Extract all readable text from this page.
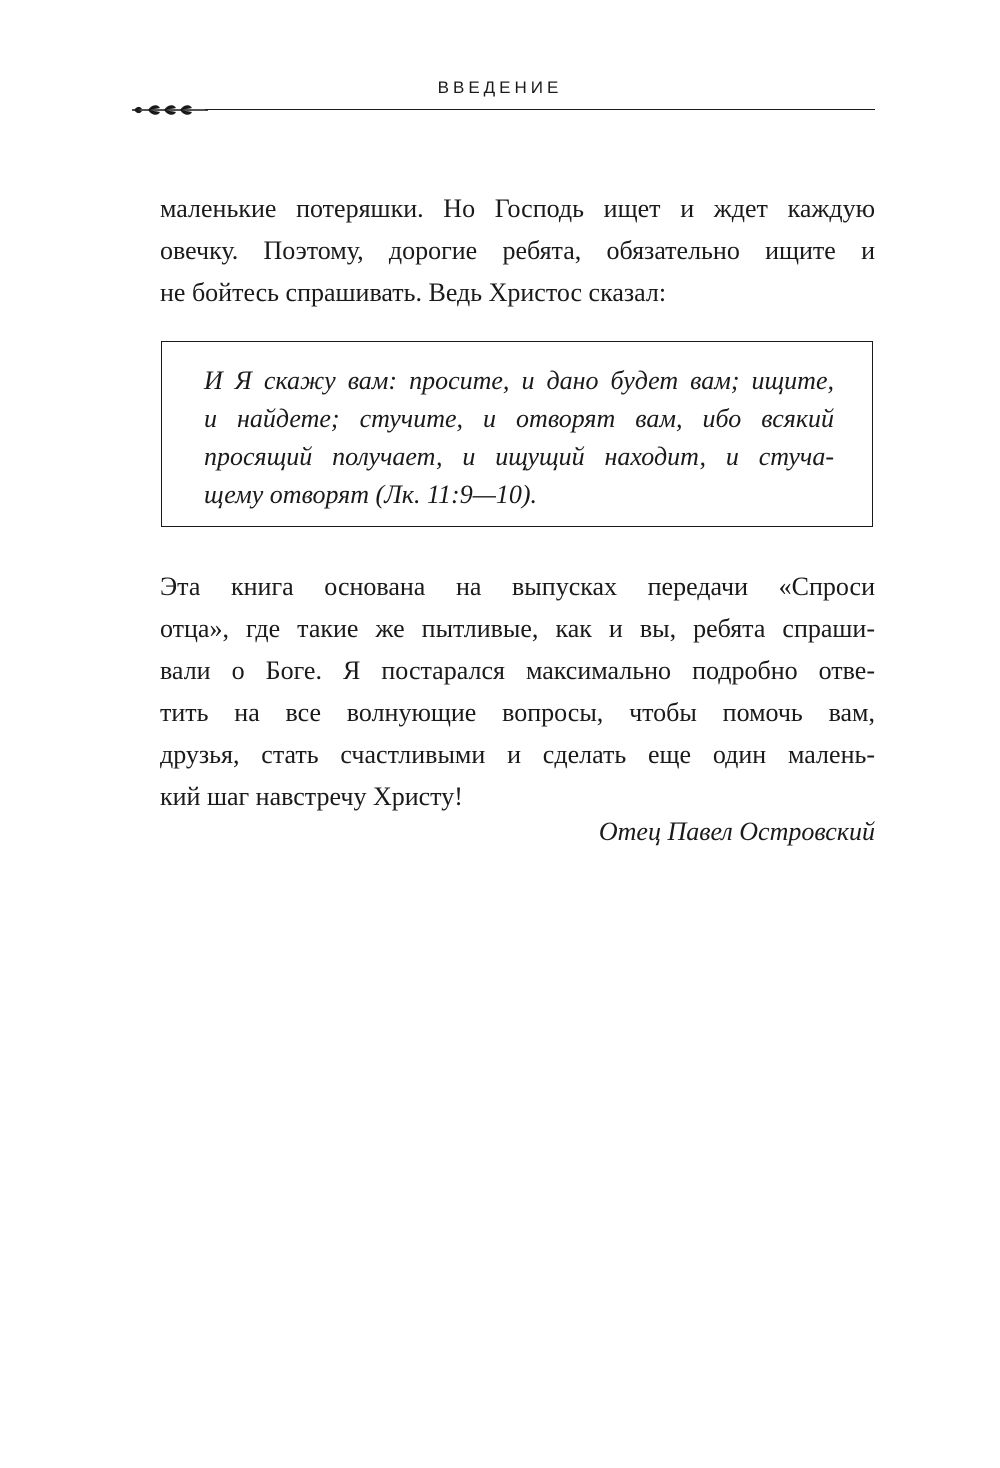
ВВЕДЕНИЕ
маленькие потеряшки. Но Господь ищет и ждет каждую
овечку. Поэтому, дорогие ребята, обязательно ищите и
не бойтесь спрашивать. Ведь Христос сказал:
И Я скажу вам: просите, и дано будет вам; ищите,
и найдете; стучите, и отворят вам, ибо всякий
просящий получает, и ищущий находит, и стуча-
щему отворят (Лк. 11:9—10).
Эта книга основана на выпусках передачи «Спроси
отца», где такие же пытливые, как и вы, ребята спраши-
вали о Боге. Я постарался максимально подробно отве-
тить на все волнующие вопросы, чтобы помочь вам,
друзья, стать счастливыми и сделать еще один малень-
кий шаг навстречу Христу!
Отец Павел Островский
